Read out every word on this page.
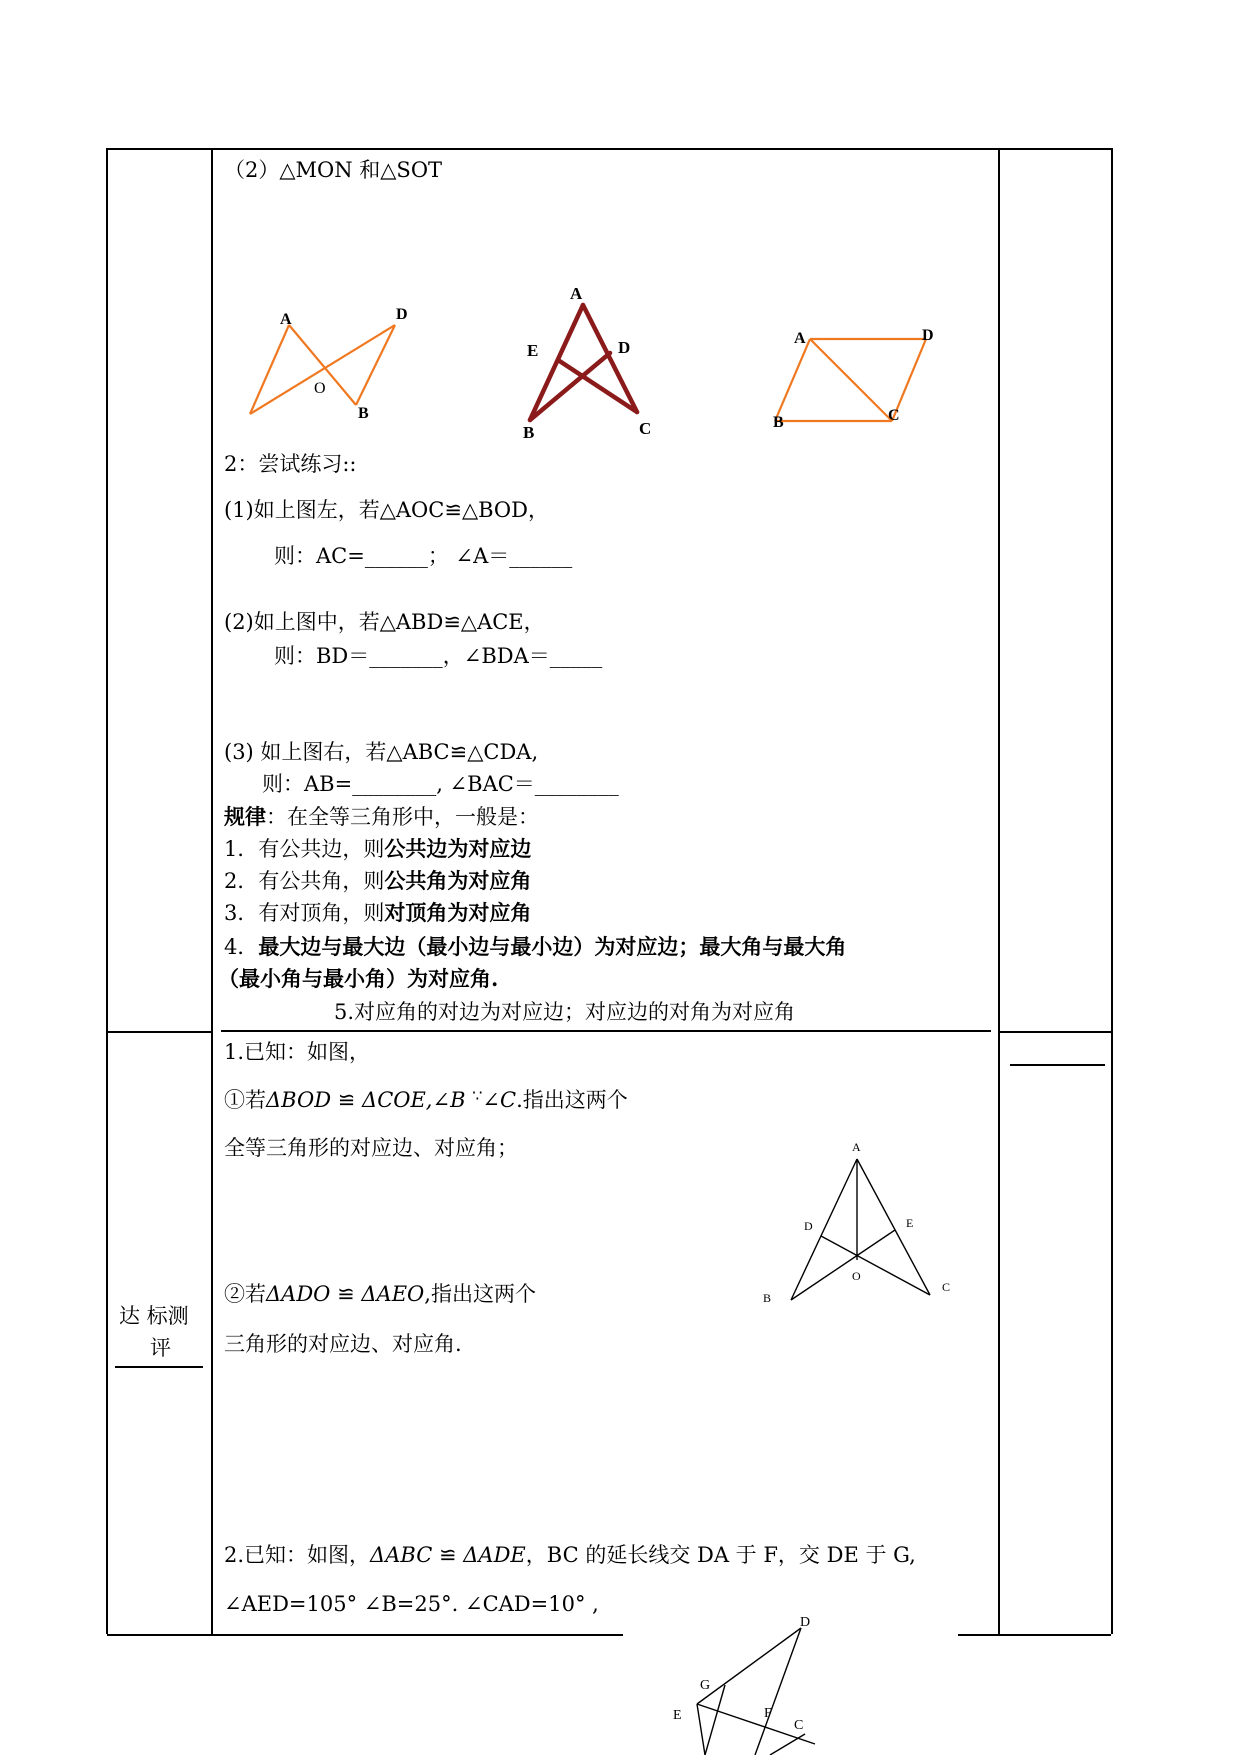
（2）△MON 和△SOT
A	D
O
B
A
E	D
B	C
A	D
B	C
2：尝试练习::
(1)如上图左，若△AOC≌△BOD，
则：AC=______； ∠A＝______
(2)如上图中，若△ABD≌△ACE，
则：BD＝_______，∠BDA＝_____
(3) 如上图右，若△ABC≌△CDA,
则：AB=________, ∠BAC＝________
规律：在全等三角形中，一般是：
1．有公共边，则公共边为对应边
2．有公共角，则公共角为对应角
3．有对顶角，则对顶角为对应角
4．最大边与最大边（最小边与最小边）为对应边；最大角与最大角
（最小角与最小角）为对应角.
5.对应角的对边为对应边；对应边的对角为对应角
达 标测
评
1.已知：如图，
①若ΔBOD ≌ ΔCOE,∠B ∵∠C.指出这两个
全等三角形的对应边、对应角；
②若ΔADO ≌ ΔAEO,指出这两个
三角形的对应边、对应角.
A
D	E
O
B
C
2.已知：如图，ΔABC ≌ ΔADE，BC 的延长线交 DA 于 F，交 DE 于 G,
∠AED=105° ∠B=25°. ∠CAD=10° ,
D
G
E	F
C
